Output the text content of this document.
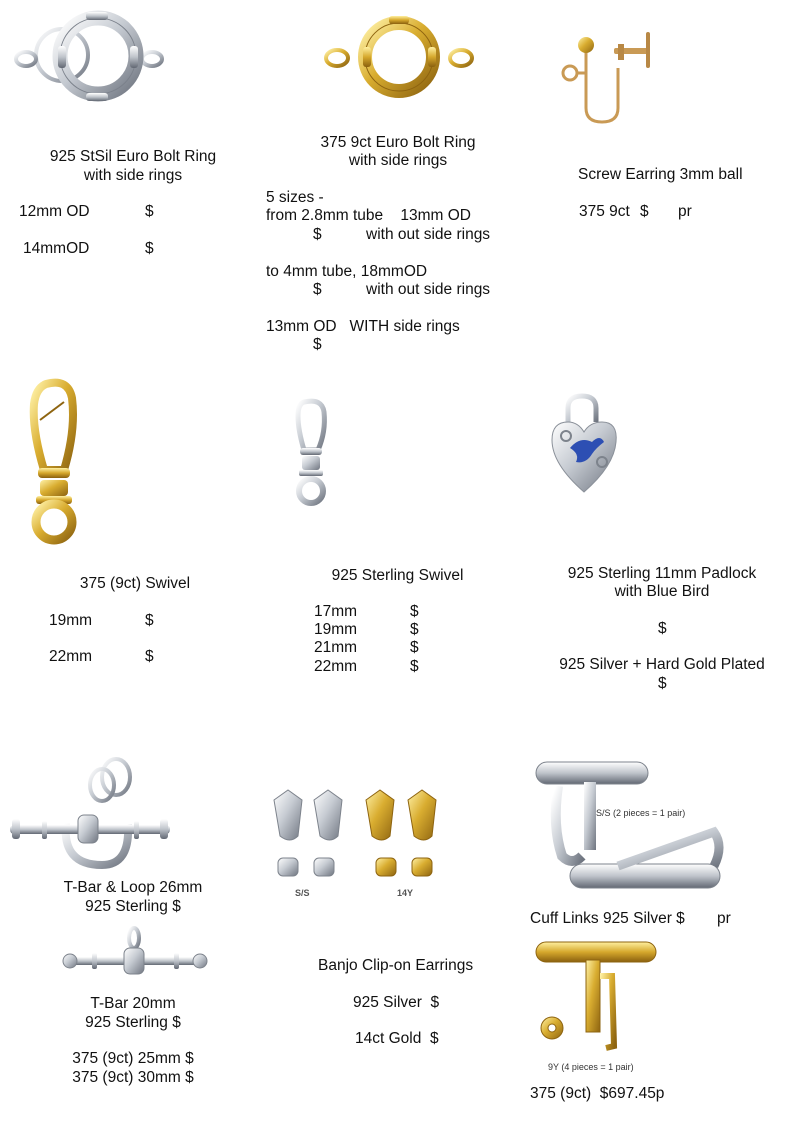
925 StSil Euro Bolt Ring
with side rings
12mm OD	$
14mmOD	$
375 9ct Euro Bolt Ring
with side rings
5 sizes -
from 2.8mm tube    13mm OD
$	with out side rings
to 4mm tube, 18mmOD
$	with out side rings
13mm OD   WITH side rings
$
Screw Earring 3mm ball
375 9ct $ pr
375 (9ct) Swivel
19mm	$
22mm	$
925 Sterling Swivel
17mm	$
19mm	$
21mm	$
22mm	$
925 Sterling 11mm Padlock
with Blue Bird
$
925 Silver + Hard Gold Plated
$
T-Bar & Loop 26mm
925 Sterling $
T-Bar 20mm
925 Sterling $
375 (9ct) 25mm $
375 (9ct) 30mm $
S/S	14Y
Banjo Clip-on Earrings
925 Silver  $
14ct Gold  $
S/S (2 pieces = 1 pair)
Cuff Links 925 Silver $ pr
9Y (4 pieces = 1 pair)
375 (9ct)  $697.45p
